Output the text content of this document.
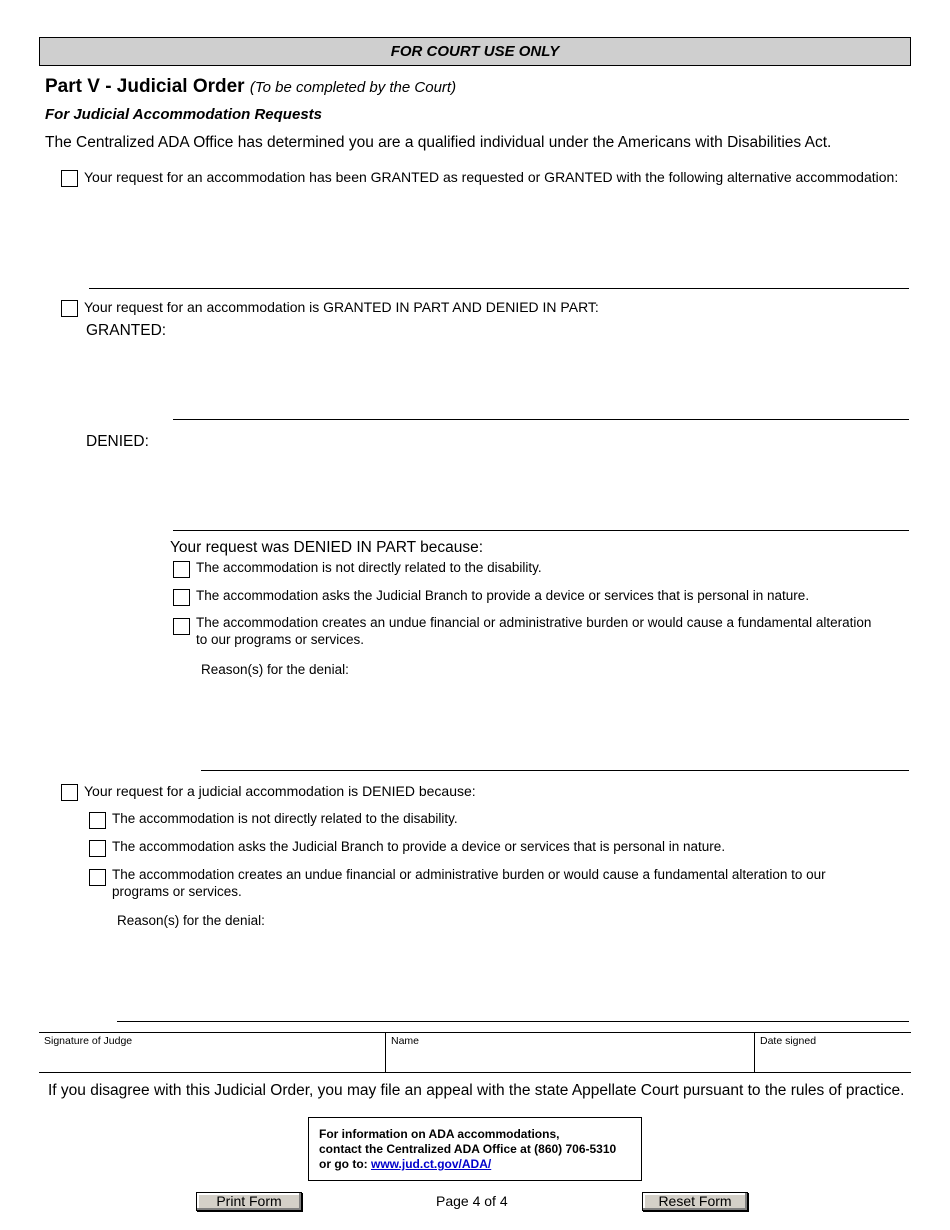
FOR COURT USE ONLY
Part V - Judicial Order (To be completed by the Court)
For Judicial Accommodation Requests
The Centralized ADA Office has determined you are a qualified individual under the Americans with Disabilities Act.
Your request for an accommodation has been GRANTED as requested or GRANTED with the following alternative accommodation:
Your request for an accommodation is GRANTED IN PART AND DENIED IN PART:
GRANTED:
DENIED:
Your request was DENIED IN PART because:
The accommodation is not directly related to the disability.
The accommodation asks the Judicial Branch to provide a device or services that is personal in nature.
The accommodation creates an undue financial or administrative burden or would cause a fundamental alteration
to our programs or services.
Reason(s) for the denial:
Your request for a judicial accommodation is DENIED because:
The accommodation is not directly related to the disability.
The accommodation asks the Judicial Branch to provide a device or services that is personal in nature.
The accommodation creates an undue financial or administrative burden or would cause a fundamental alteration to our
programs or services.
Reason(s) for the denial:
Signature of Judge	Name	Date signed
If you disagree with this Judicial Order, you may file an appeal with the state Appellate Court pursuant to the rules of practice.
For information on ADA accommodations,
contact the Centralized ADA Office at (860) 706-5310
or go to: www.jud.ct.gov/ADA/
Print Form	Page 4 of 4	Reset Form
